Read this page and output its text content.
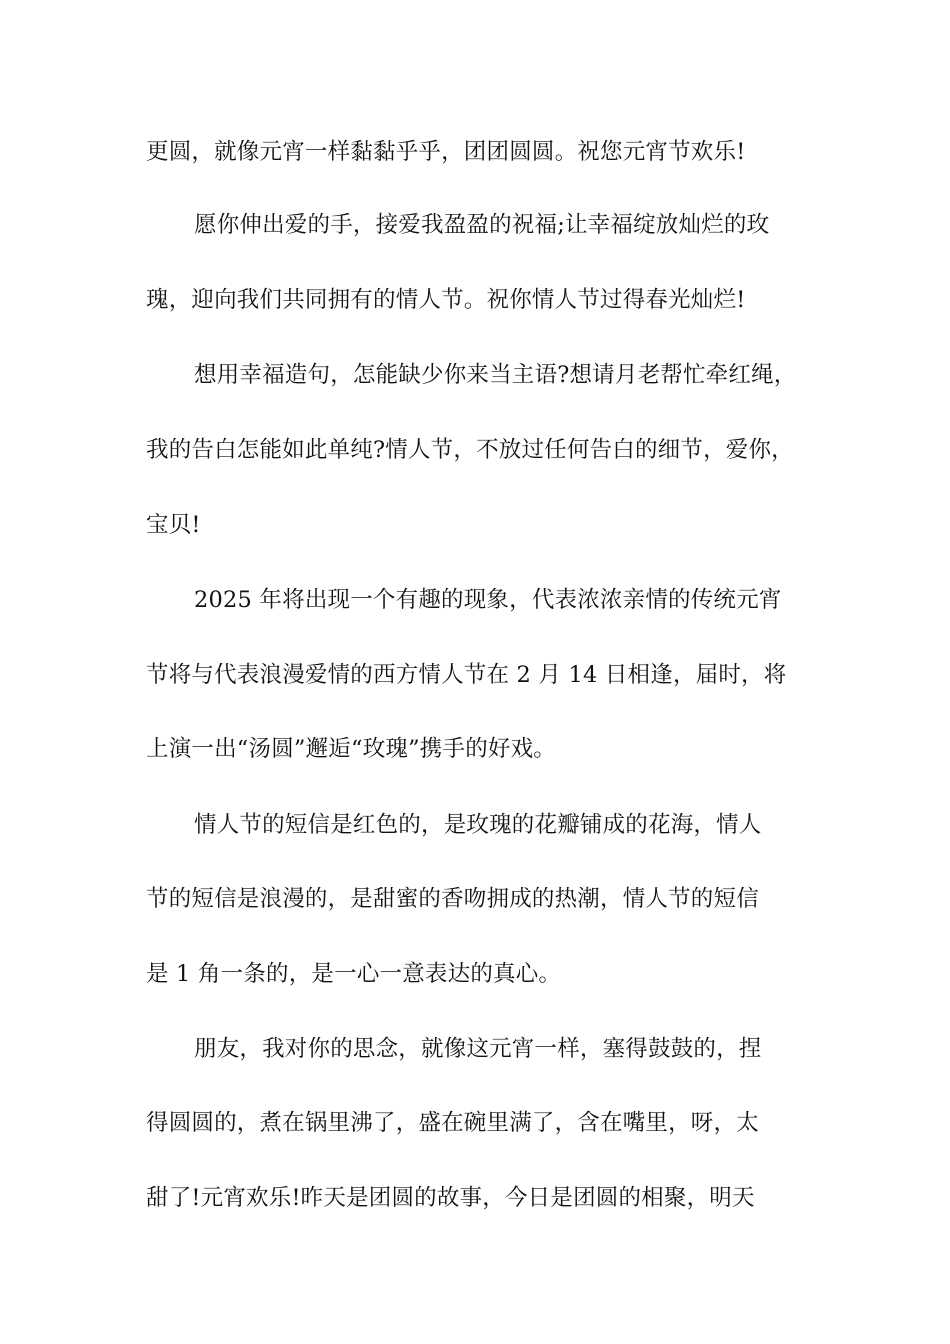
更圆，就像元宵一样黏黏乎乎，团团圆圆。祝您元宵节欢乐!
愿你伸出爱的手，接爱我盈盈的祝福;让幸福绽放灿烂的玫
瑰，迎向我们共同拥有的情人节。祝你情人节过得春光灿烂!
想用幸福造句，怎能缺少你来当主语?想请月老帮忙牵红绳，
我的告白怎能如此单纯?情人节，不放过任何告白的细节，爱你，
宝贝!
2025 年将出现一个有趣的现象，代表浓浓亲情的传统元宵
节将与代表浪漫爱情的西方情人节在 2 月 14 日相逢，届时，将
上演一出“汤圆”邂逅“玫瑰”携手的好戏。
情人节的短信是红色的，是玫瑰的花瓣铺成的花海，情人
节的短信是浪漫的，是甜蜜的香吻拥成的热潮，情人节的短信
是 1 角一条的，是一心一意表达的真心。
朋友，我对你的思念，就像这元宵一样，塞得鼓鼓的，捏
得圆圆的，煮在锅里沸了，盛在碗里满了，含在嘴里，呀，太
甜了!元宵欢乐!昨天是团圆的故事，今日是团圆的相聚，明天
